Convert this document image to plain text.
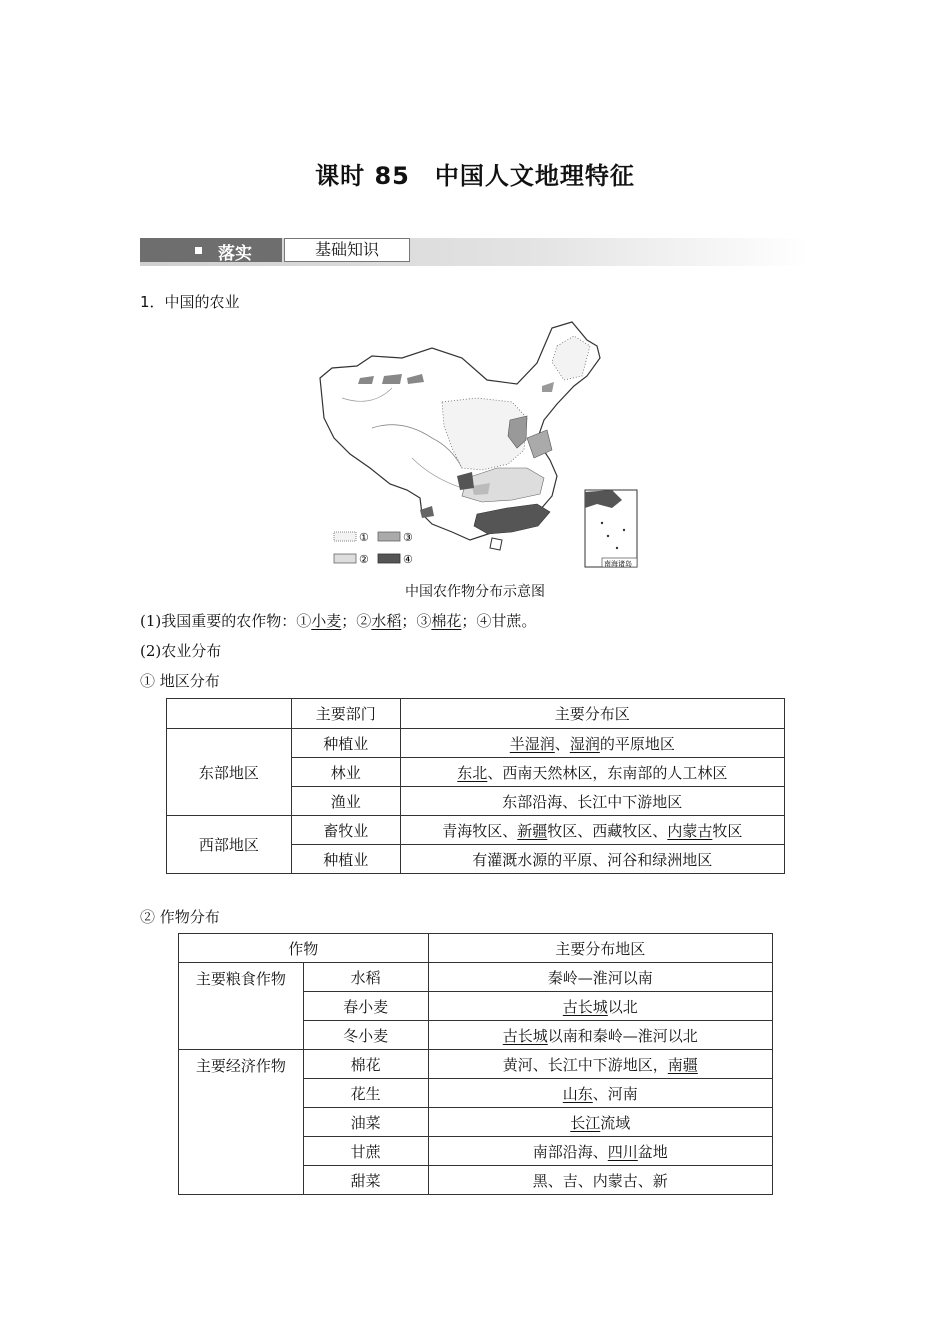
课时 85　中国人文地理特征
落实	基础知识
1．中国的农业
①
②
③
④	南海诸岛
中国农作物分布示意图
(1)我国重要的农作物：①小麦；②水稻；③棉花；④甘蔗。
(2)农业分布
① 地区分布
	主要部门	主要分布区
东部地区	种植业	半湿润、湿润的平原地区
	林业	东北、西南天然林区，东南部的人工林区
	渔业	东部沿海、长江中下游地区
西部地区	畜牧业	青海牧区、新疆牧区、西藏牧区、内蒙古牧区
	种植业	有灌溉水源的平原、河谷和绿洲地区
② 作物分布
作物		主要分布地区
主要粮食作物	水稻	秦岭—淮河以南
	春小麦	古长城以北
	冬小麦	古长城以南和秦岭—淮河以北
主要经济作物	棉花	黄河、长江中下游地区，南疆
	花生	山东、河南
	油菜	长江流域
	甘蔗	南部沿海、四川盆地
	甜菜	黑、吉、内蒙古、新
